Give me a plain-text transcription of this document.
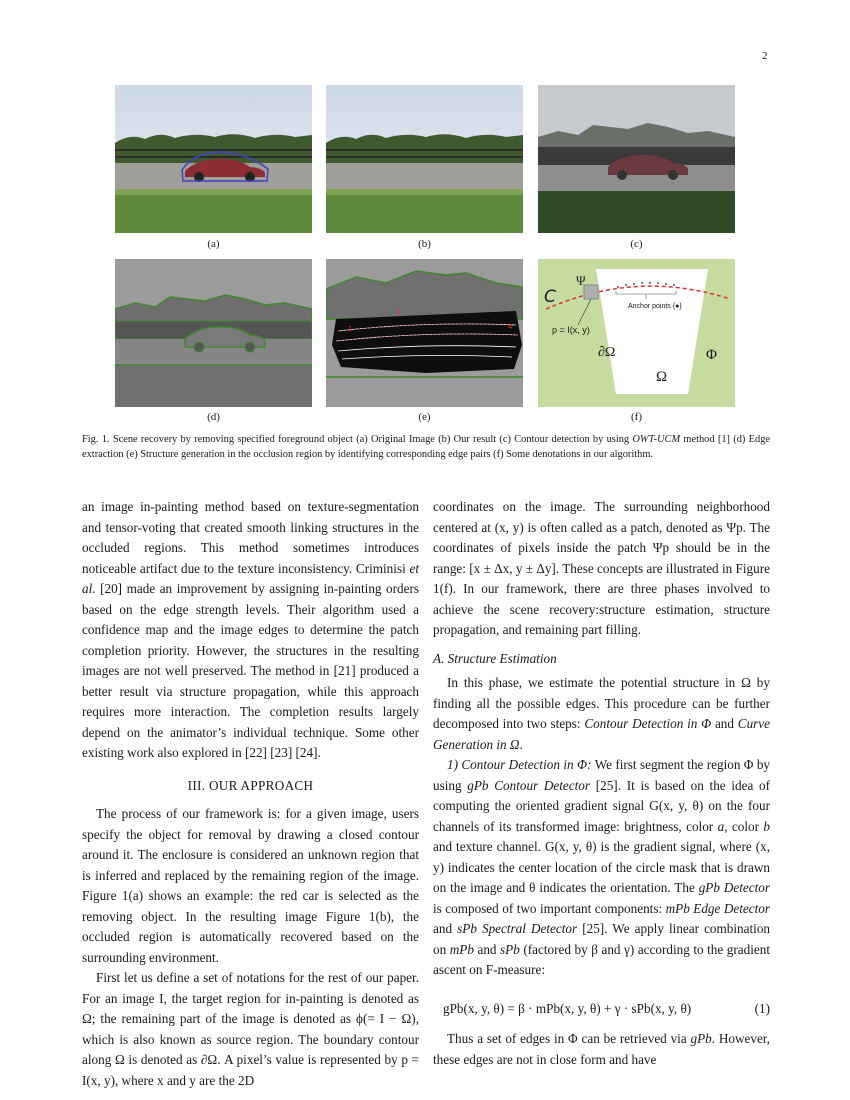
2
(a)	(b)	(c)
(d)
1	4
1
(e)
Ψ
C	Anchor points {●}
p = I(x, y)
∂Ω	Φ
Ω
(f)
Fig. 1. Scene recovery by removing specified foreground object (a) Original Image (b) Our result (c) Contour detection by using OWT-UCM method [1] (d) Edge extraction (e) Structure generation in the occlusion region by identifying corresponding edge pairs (f) Some denotations in our algorithm.

an image in-painting method based on texture-segmentation and tensor-voting that created smooth linking structures in the occluded regions. This method sometimes introduces noticeable artifact due to the texture inconsistency. Criminisi et al. [20] made an improvement by assigning in-painting orders based on the edge strength levels. Their algorithm used a confidence map and the image edges to determine the patch completion priority. However, the structures in the resulting images are not well preserved. The method in [21] produced a better result via structure propagation, while this approach requires more interaction. The completion results largely depend on the animator’s individual technique. Some other existing work also explored in [22] [23] [24].

III. OUR APPROACH

The process of our framework is: for a given image, users specify the object for removal by drawing a closed contour around it. The enclosure is considered an unknown region that is inferred and replaced by the remaining region of the image. Figure 1(a) shows an example: the red car is selected as the removing object. In the resulting image Figure 1(b), the occluded region is automatically recovered based on the surrounding environment.

First let us define a set of notations for the rest of our paper. For an image I, the target region for in-painting is denoted as Ω; the remaining part of the image is denoted as ϕ(= I − Ω), which is also known as source region. The boundary contour along Ω is denoted as ∂Ω. A pixel’s value is represented by p = I(x, y), where x and y are the 2D

coordinates on the image. The surrounding neighborhood centered at (x, y) is often called as a patch, denoted as Ψp. The coordinates of pixels inside the patch Ψp should be in the range: [x ± Δx, y ± Δy]. These concepts are illustrated in Figure 1(f). In our framework, there are three phases involved to achieve the scene recovery:structure estimation, structure propagation, and remaining part filling.

A. Structure Estimation

In this phase, we estimate the potential structure in Ω by finding all the possible edges. This procedure can be further decomposed into two steps: Contour Detection in Φ and Curve Generation in Ω.

1) Contour Detection in Φ: We first segment the region Φ by using gPb Contour Detector [25]. It is based on the idea of computing the oriented gradient signal G(x, y, θ) on the four channels of its transformed image: brightness, color a, color b and texture channel. G(x, y, θ) is the gradient signal, where (x, y) indicates the center location of the circle mask that is drawn on the image and θ indicates the orientation. The gPb Detector is composed of two important components: mPb Edge Detector and sPb Spectral Detector [25]. We apply linear combination on mPb and sPb (factored by β and γ) according to the gradient ascent on F-measure:

gPb(x, y, θ) = β · mPb(x, y, θ) + γ · sPb(x, y, θ)	(1)

Thus a set of edges in Φ can be retrieved via gPb. However, these edges are not in close form and have
